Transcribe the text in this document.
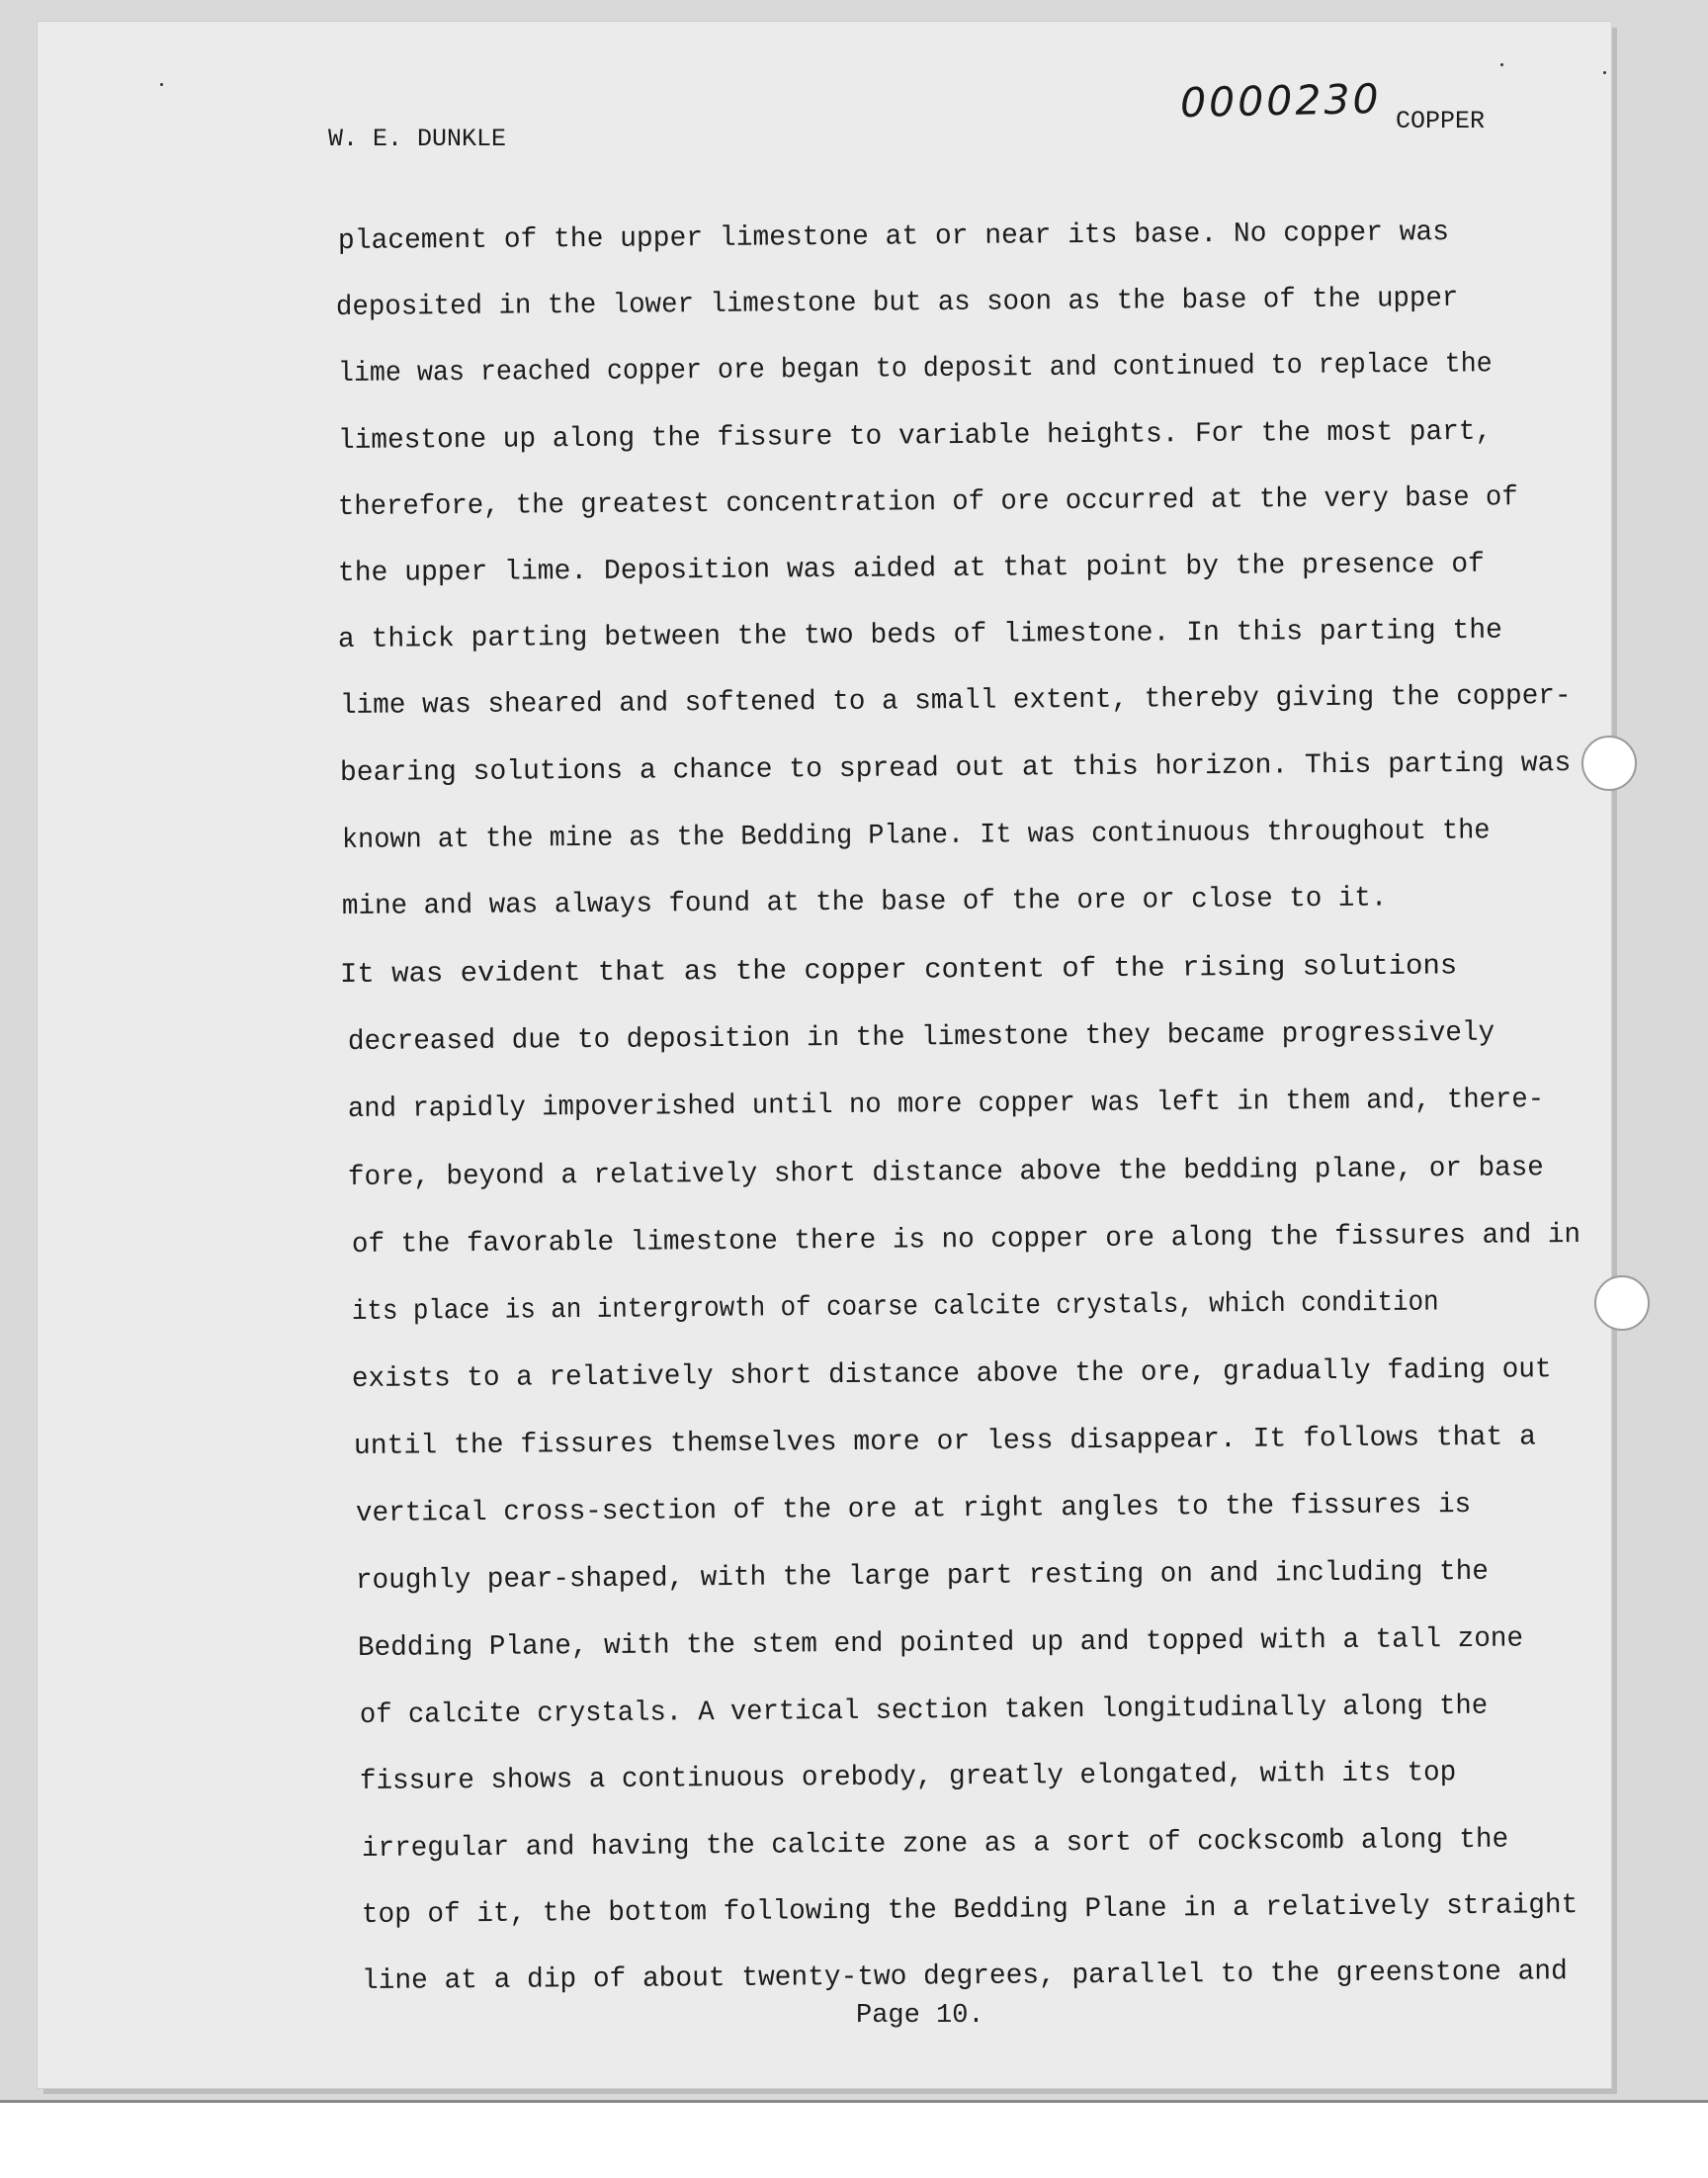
0000230 COPPER
W. E. DUNKLE
placement of the upper limestone at or near its base. No copper was
deposited in the lower limestone but as soon as the base of the upper
lime was reached copper ore began to deposit and continued to replace the
limestone up along the fissure to variable heights. For the most part,
therefore, the greatest concentration of ore occurred at the very base of
the upper lime. Deposition was aided at that point by the presence of
a thick parting between the two beds of limestone. In this parting the
lime was sheared and softened to a small extent, thereby giving the copper-
bearing solutions a chance to spread out at this horizon. This parting was
known at the mine as the Bedding Plane. It was continuous throughout the
mine and was always found at the base of the ore or close to it.
It was evident that as the copper content of the rising solutions
decreased due to deposition in the limestone they became progressively
and rapidly impoverished until no more copper was left in them and, there-
fore, beyond a relatively short distance above the bedding plane, or base
of the favorable limestone there is no copper ore along the fissures and in
its place is an intergrowth of coarse calcite crystals, which condition
exists to a relatively short distance above the ore, gradually fading out
until the fissures themselves more or less disappear. It follows that a
vertical cross-section of the ore at right angles to the fissures is
roughly pear-shaped, with the large part resting on and including the
Bedding Plane, with the stem end pointed up and topped with a tall zone
of calcite crystals. A vertical section taken longitudinally along the
fissure shows a continuous orebody, greatly elongated, with its top
irregular and having the calcite zone as a sort of cockscomb along the
top of it, the bottom following the Bedding Plane in a relatively straight
line at a dip of about twenty-two degrees, parallel to the greenstone and
Page 10.
